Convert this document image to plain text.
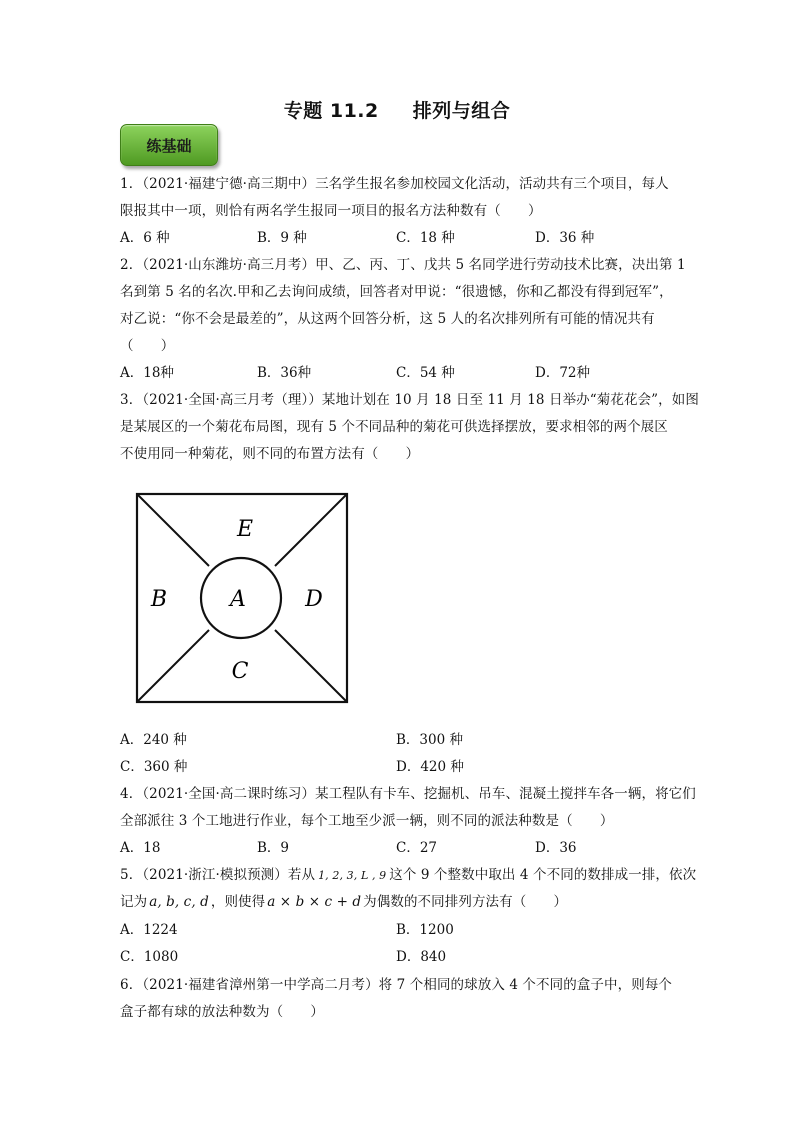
专题 11.2 排列与组合
练基础
1．（2021·福建宁德·高三期中）三名学生报名参加校园文化活动，活动共有三个项目，每人
限报其中一项，则恰有两名学生报同一项目的报名方法种数有（　　）
A．6 种	B．9 种	C．18 种	D．36 种
2．（2021·山东潍坊·高三月考）甲、乙、丙、丁、戊共 5 名同学进行劳动技术比赛，决出第 1
名到第 5 名的名次.甲和乙去询问成绩，回答者对甲说：“很遗憾，你和乙都没有得到冠军”，
对乙说：“你不会是最差的”，从这两个回答分析，这 5 人的名次排列所有可能的情况共有
（　　）
A．18种	B．36种	C．54 种	D．72种
3．（2021·全国·高三月考（理））某地计划在 10 月 18 日至 11 月 18 日举办“菊花花会”，如图
是某展区的一个菊花布局图，现有 5 个不同品种的菊花可供选择摆放，要求相邻的两个展区
不使用同一种菊花，则不同的布置方法有（　　）
E
B	A	D
C
A．240 种	B．300 种
C．360 种	D．420 种
4．（2021·全国·高二课时练习）某工程队有卡车、挖掘机、吊车、混凝土搅拌车各一辆，将它们
全部派往 3 个工地进行作业，每个工地至少派一辆，则不同的派法种数是（　　）
A．18	B．9	C．27	D．36
5．（2021·浙江·模拟预测）若从 1, 2, 3, L , 9 这个 9 个整数中取出 4 个不同的数排成一排，依次
记为 a, b, c, d ，则使得 a × b × c + d 为偶数的不同排列方法有（　　）
A．1224	B．1200
C．1080	D．840
6．（2021·福建省漳州第一中学高二月考）将 7 个相同的球放入 4 个不同的盒子中，则每个
盒子都有球的放法种数为（　　）
